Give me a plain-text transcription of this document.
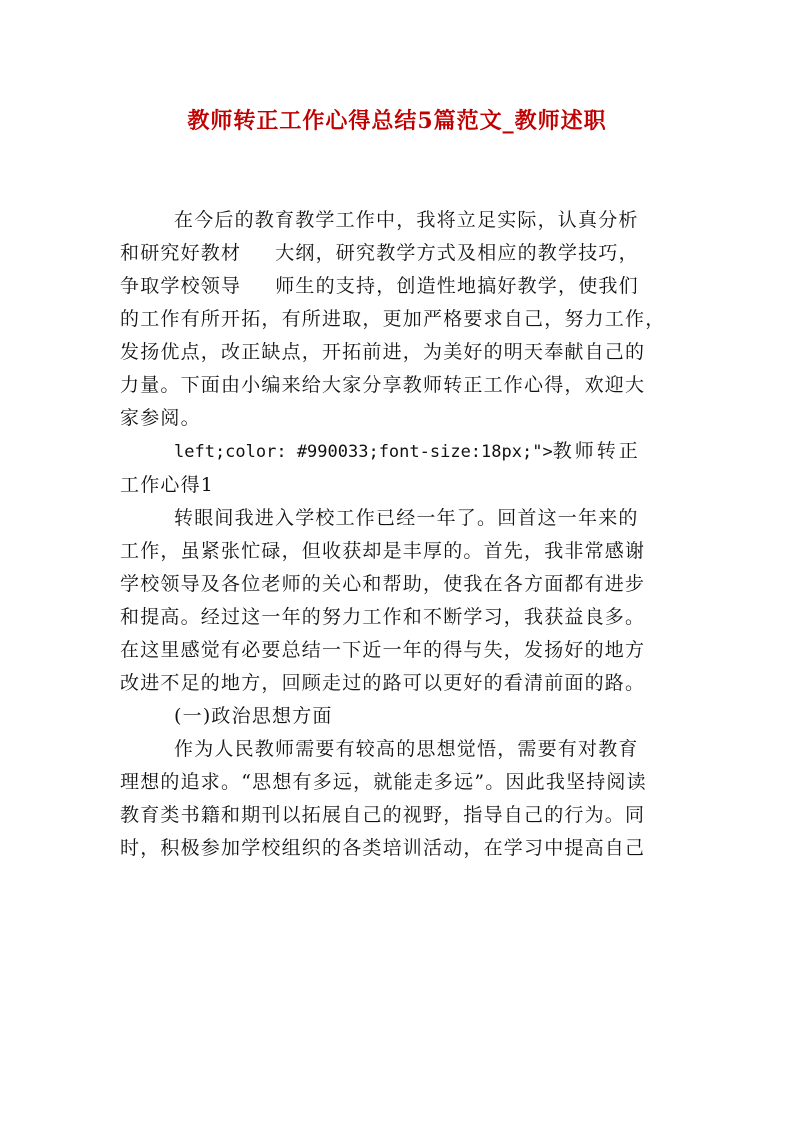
教师转正工作心得总结5篇范文_教师述职
在今后的教育教学工作中，我将立足实际，认真分析
和研究好教材 大纲，研究教学方式及相应的教学技巧，
争取学校领导 师生的支持，创造性地搞好教学，使我们
的工作有所开拓，有所进取，更加严格要求自己，努力工作，
发扬优点，改正缺点，开拓前进，为美好的明天奉献自己的
力量。下面由小编来给大家分享教师转正工作心得，欢迎大
家参阅。
left;color: #990033;font-size:18px;">教师转正
工作心得1
转眼间我进入学校工作已经一年了。回首这一年来的
工作，虽紧张忙碌，但收获却是丰厚的。首先，我非常感谢
学校领导及各位老师的关心和帮助，使我在各方面都有进步
和提高。经过这一年的努力工作和不断学习，我获益良多。
在这里感觉有必要总结一下近一年的得与失，发扬好的地方
改进不足的地方，回顾走过的路可以更好的看清前面的路。
(一)政治思想方面
作为人民教师需要有较高的思想觉悟，需要有对教育
理想的追求。“思想有多远，就能走多远”。因此我坚持阅读
教育类书籍和期刊以拓展自己的视野，指导自己的行为。同
时，积极参加学校组织的各类培训活动，在学习中提高自己
